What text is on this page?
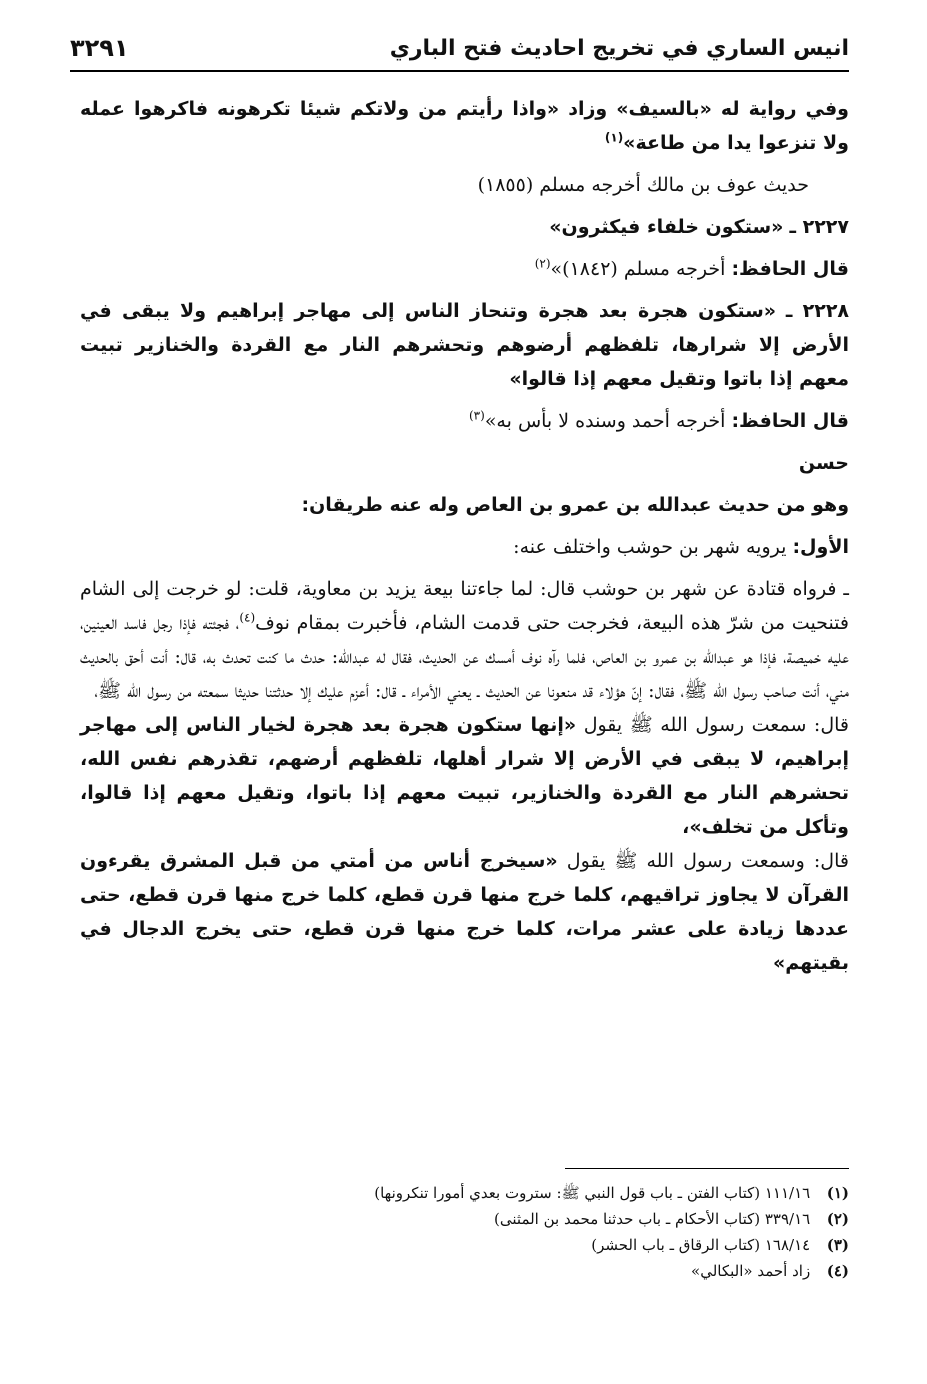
انيس الساري في تخريج احاديث فتح الباري
٣٢٩١

وفي رواية له «بالسيف» وزاد «واذا رأيتم من ولاتكم شيئا تكرهونه فاكرهوا عمله ولا تنزعوا يدا من طاعة»$^{(١)}$

حديث عوف بن مالك أخرجه مسلم (١٨٥٥)

٢٢٢٧ ـ «ستكون خلفاء فيكثرون»

قال الحافظ: أخرجه مسلم (١٨٤٢)»$^{(٢)}$

٢٢٢٨ ـ «ستكون هجرة بعد هجرة وتنحاز الناس إلى مهاجر إبراهيم ولا يبقى في الأرض إلا شرارها، تلفظهم أرضوهم وتحشرهم النار مع القردة والخنازير تبيت معهم إذا باتوا وتقيل معهم إذا قالوا»

قال الحافظ: أخرجه أحمد وسنده لا بأس به»$^{(٣)}$

حسن

وهو من حديث عبدالله بن عمرو بن العاص وله عنه طريقان:

الأول: يرويه شهر بن حوشب واختلف عنه:

ـ فرواه قتادة عن شهر بن حوشب قال: لما جاءتنا بيعة يزيد بن معاوية، قلت: لو خرجت إلى الشام فتنحيت من شرّ هذه البيعة، فخرجت حتى قدمت الشام، فأخبرت بمقام نوف$^{(٤)}$، فجئته فإذا رجل فاسد العينين، عليه خميصة، فإذا هو عبدالله بن عمرو بن العاص، فلما رآه نوف أمسك عن الحديث، فقال له عبدالله: حدث ما كنت تحدث به، قال: أنت أحق بالحديث مني، أنت صاحب رسول الله ﷺ، فقال: إنّ هؤلاء قد منعونا عن الحديث ـ يعني الأمراء ـ قال: أعزم عليك إلا حدثتنا حديثا سمعته من رسول الله ﷺ،
قال: سمعت رسول الله ﷺ يقول «إنها ستكون هجرة بعد هجرة لخيار الناس إلى مهاجر إبراهيم، لا يبقى في الأرض إلا شرار أهلها، تلفظهم أرضهم، تقذرهم نفس الله، تحشرهم النار مع القردة والخنازير، تبيت معهم إذا باتوا، وتقيل معهم إذا قالوا، وتأكل من تخلف»،
قال: وسمعت رسول الله ﷺ يقول «سيخرج أناس من أمتي من قبل المشرق يقرءون القرآن لا يجاوز تراقيهم، كلما خرج منها قرن قطع، كلما خرج منها قرن قطع، حتى عددها زيادة على عشر مرات، كلما خرج منها قرن قطع، حتى يخرج الدجال في بقيتهم»

(١) ١١١/١٦ (كتاب الفتن ـ باب قول النبي ﷺ: ستروت بعدي أمورا تنكرونها)

(٢) ٣٣٩/١٦ (كتاب الأحكام ـ باب حدثنا محمد بن المثنى)

(٣) ١٦٨/١٤ (كتاب الرقاق ـ باب الحشر)

(٤) زاد أحمد «البكالي»
